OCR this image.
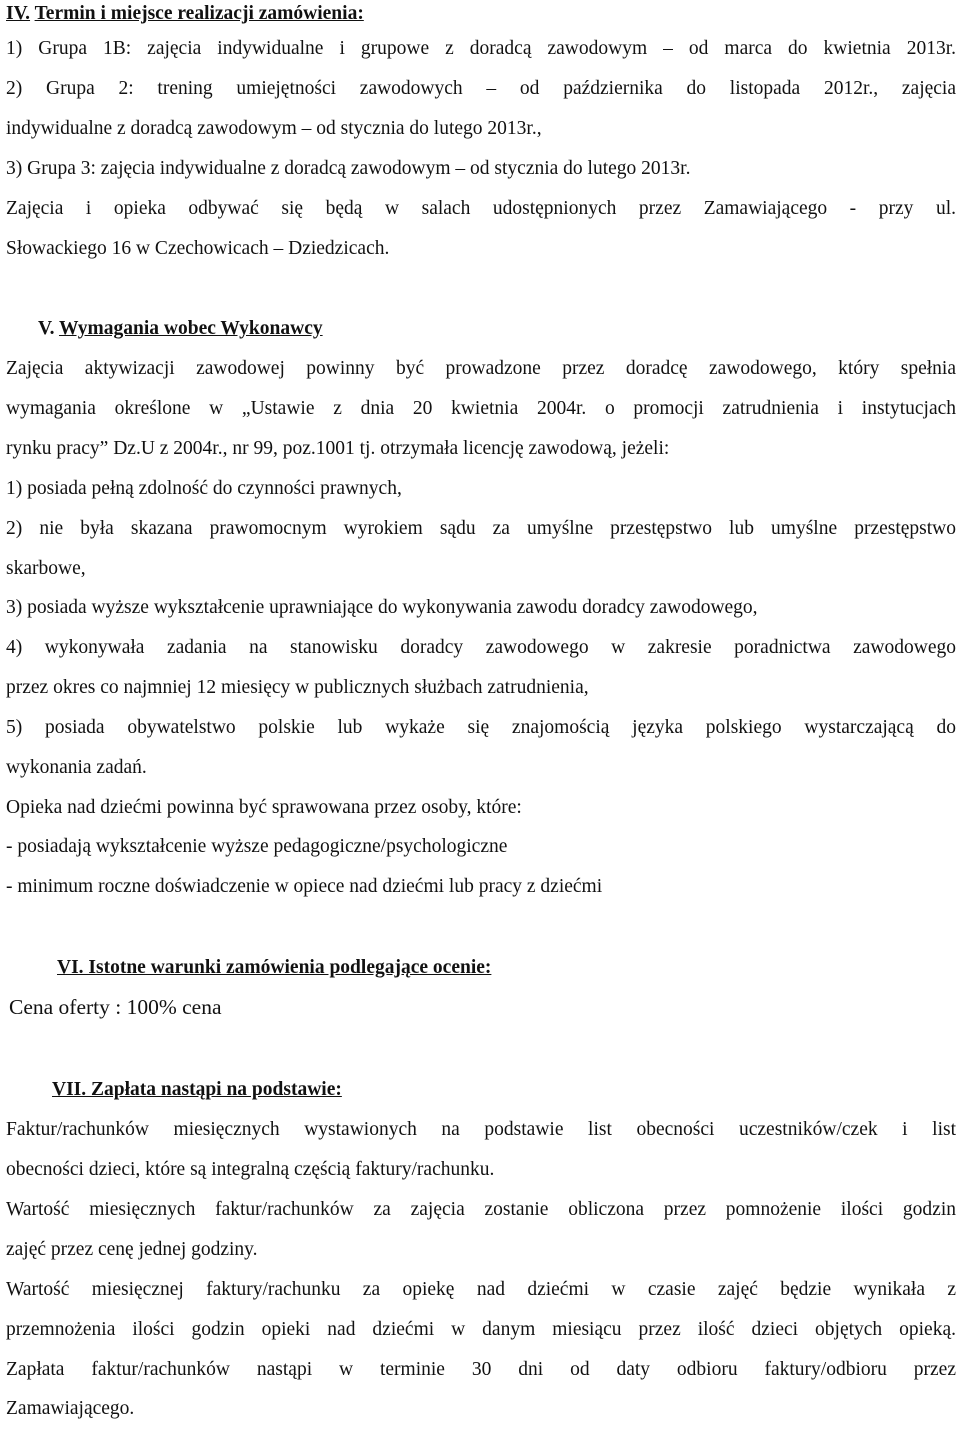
IV. Termin i miejsce realizacji zamówienia:
1) Grupa 1B: zajęcia indywidualne i grupowe z doradcą zawodowym – od marca do kwietnia 2013r.
2) Grupa 2: trening umiejętności zawodowych – od października do listopada 2012r., zajęcia
indywidualne z doradcą zawodowym – od stycznia do lutego 2013r.,
3) Grupa 3: zajęcia indywidualne z doradcą zawodowym – od stycznia do lutego 2013r.
Zajęcia i opieka odbywać się będą w salach udostępnionych przez Zamawiającego - przy ul.
Słowackiego 16 w Czechowicach – Dziedzicach.
V. Wymagania wobec Wykonawcy
Zajęcia aktywizacji zawodowej powinny być prowadzone przez doradcę zawodowego, który spełnia
wymagania określone w „Ustawie z dnia 20 kwietnia 2004r. o promocji zatrudnienia i instytucjach
rynku pracy” Dz.U z 2004r., nr 99, poz.1001 tj. otrzymała licencję zawodową, jeżeli:
1) posiada pełną zdolność do czynności prawnych,
2) nie była skazana prawomocnym wyrokiem sądu za umyślne przestępstwo lub umyślne przestępstwo
skarbowe,
3) posiada wyższe wykształcenie uprawniające do wykonywania zawodu doradcy zawodowego,
4) wykonywała zadania na stanowisku doradcy zawodowego w zakresie poradnictwa zawodowego
przez okres co najmniej 12 miesięcy w publicznych służbach zatrudnienia,
5) posiada obywatelstwo polskie lub wykaże się znajomością języka polskiego wystarczającą do
wykonania zadań.
Opieka nad dziećmi powinna być sprawowana przez osoby, które:
- posiadają wykształcenie wyższe pedagogiczne/psychologiczne
- minimum roczne doświadczenie w opiece nad dziećmi lub pracy z dziećmi
VI. Istotne warunki zamówienia podlegające ocenie:
Cena oferty : 100% cena
VII. Zapłata nastąpi na podstawie:
Faktur/rachunków miesięcznych wystawionych na podstawie list obecności uczestników/czek i list
obecności dzieci, które są integralną częścią faktury/rachunku.
Wartość miesięcznych faktur/rachunków za zajęcia zostanie obliczona przez pomnożenie ilości godzin
zajęć przez cenę jednej godziny.
Wartość miesięcznej faktury/rachunku za opiekę nad dziećmi w czasie zajęć będzie wynikała z
przemnożenia ilości godzin opieki nad dziećmi w danym miesiącu przez ilość dzieci objętych opieką.
Zapłata faktur/rachunków nastąpi w terminie 30 dni od daty odbioru faktury/odbioru przez
Zamawiającego.
